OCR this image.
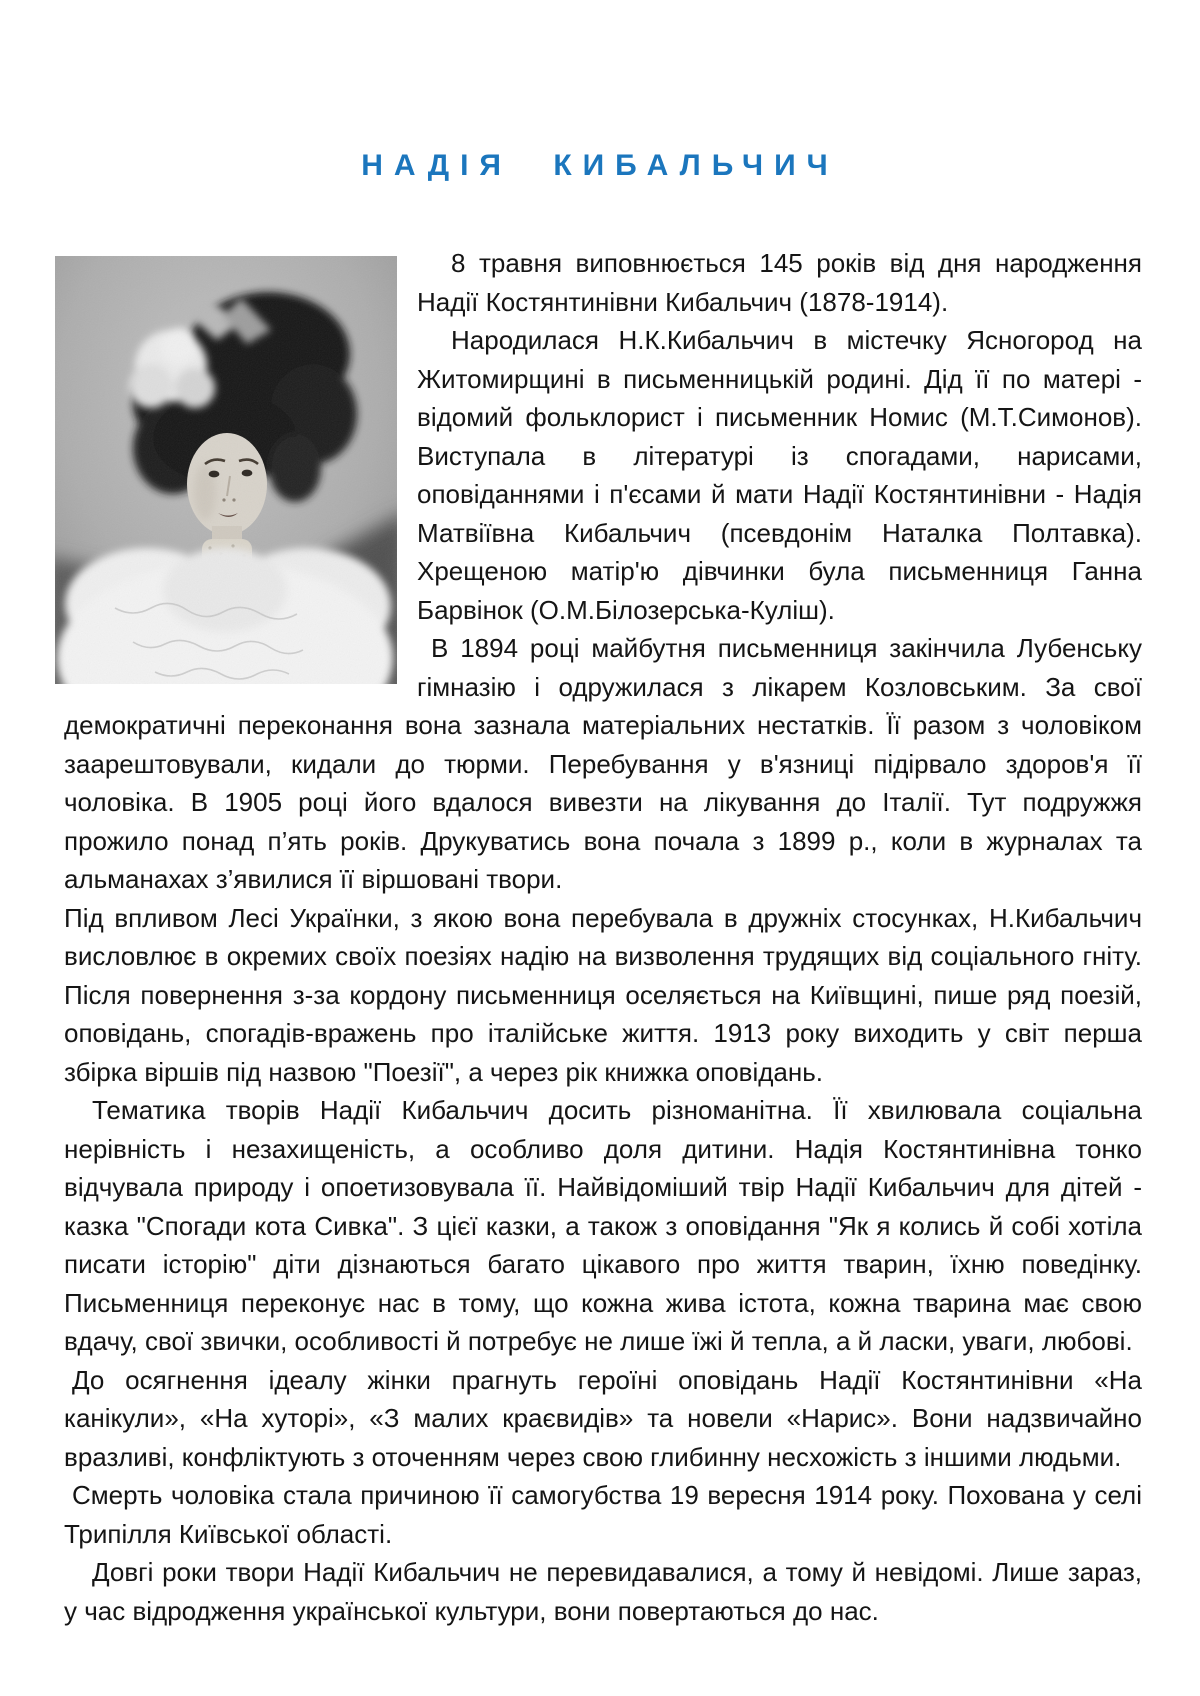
НАДІЯ КИБАЛЬЧИЧ

8 травня виповнюється 145 років від дня народження Надії Костянтинівни Кибальчич (1878-1914).

Народилася Н.К.Кибальчич в містечку Ясногород на Житомирщині в письменницькій родині. Дід її по матері - відомий фольклорист і письменник Номис (М.Т.Симонов). Виступала в літературі із спогадами, нарисами, оповіданнями і п'єсами й мати Надії Костянтинівни - Надія Матвіївна Кибальчич (псевдонім Наталка Полтавка). Хрещеною матір'ю дівчинки була письменниця Ганна Барвінок (О.М.Білозерська-Куліш).

В 1894 році майбутня письменниця закінчила Лубенську гімназію і одружилася з лікарем Козловським. За свої демократичні переконання вона зазнала матеріальних нестатків. Її разом з чоловіком заарештовували, кидали до тюрми. Перебування у в'язниці підірвало здоров'я її чоловіка. В 1905 році його вдалося вивезти на лікування до Італії. Тут подружжя прожило понад п’ять років. Друкуватись вона почала з 1899 р., коли в журналах та альманахах з’явилися її віршовані твори.

Під впливом Лесі Українки, з якою вона перебувала в дружніх стосунках, Н.Кибальчич висловлює в окремих своїх поезіях надію на визволення трудящих від соціального гніту. Після повернення з-за кордону письменниця оселяється на Київщині, пише ряд поезій, оповідань, спогадів-вражень про італійське життя. 1913 року виходить у світ перша збірка віршів під назвою "Поезії", а через рік книжка оповідань.

Тематика творів Надії Кибальчич досить різноманітна. Її хвилювала соціальна нерівність і незахищеність, а особливо доля дитини. Надія Костянтинівна тонко відчувала природу і опоетизовувала її. Найвідоміший твір Надії Кибальчич для дітей - казка "Спогади кота Сивка". З цієї казки, а також з оповідання "Як я колись й собі хотіла писати історію" діти дізнаються багато цікавого про життя тварин, їхню поведінку. Письменниця переконує нас в тому, що кожна жива істота, кожна тварина має свою вдачу, свої звички, особливості й потребує не лише їжі й тепла, а й ласки, уваги, любові.

До осягнення ідеалу жінки прагнуть героїні оповідань Надії Костянтинівни «На канікули», «На хуторі», «З малих краєвидів» та новели «Нарис». Вони надзвичайно вразливі, конфліктують з оточенням через свою глибинну несхожість з іншими людьми.

Смерть чоловіка стала причиною її самогубства 19 вересня 1914 року. Похована у селі Трипілля Київської області.

Довгі роки твори Надії Кибальчич не перевидавалися, а тому й невідомі. Лише зараз, у час відродження української культури, вони повертаються до нас.
